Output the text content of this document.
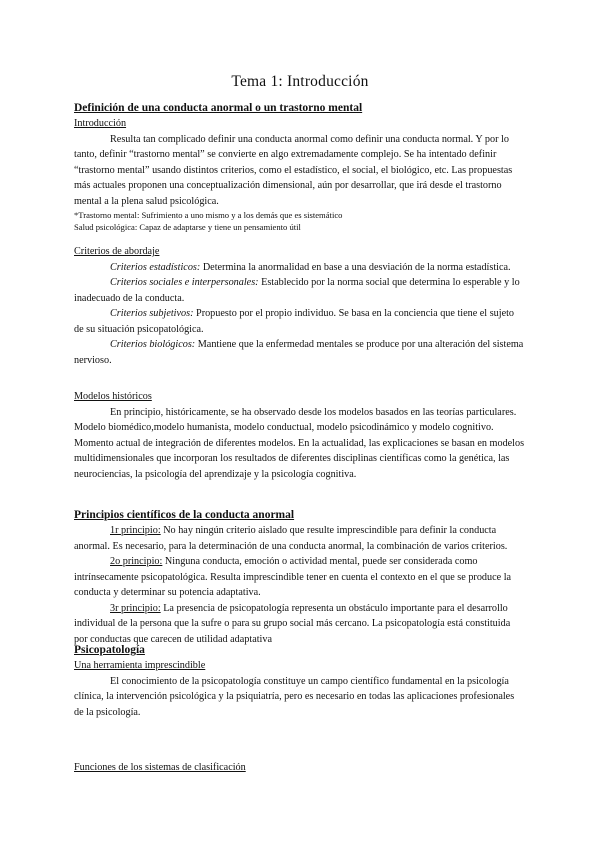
Tema 1: Introducción

Definición de una conducta anormal o un trastorno mental

Introducción

Resulta tan complicado definir una conducta anormal como definir una conducta normal. Y por lo tanto, definir “trastorno mental” se convierte en algo extremadamente complejo. Se ha intentado definir “trastorno mental” usando distintos criterios, como el estadístico, el social, el biológico, etc. Las propuestas más actuales proponen una conceptualización dimensional, aún por desarrollar, que irá desde el trastorno mental a la plena salud psicológica.

*Trastorno mental: Sufrimiento a uno mismo y a los demás que es sistemático

Salud psicológica: Capaz de adaptarse y tiene un pensamiento útil

Criterios de abordaje

Criterios estadísticos: Determina la anormalidad en base a una desviación de la norma estadística.

Criterios sociales e interpersonales: Establecido por la norma social que determina lo esperable y lo inadecuado de la conducta.

Criterios subjetivos: Propuesto por el propio individuo. Se basa en la conciencia que tiene el sujeto de su situación psicopatológica.

Criterios biológicos: Mantiene que la enfermedad mentales se produce por una alteración del sistema nervioso.

Modelos históricos

En principio, históricamente, se ha observado desde los modelos basados en las teorías particulares. Modelo biomédico,modelo humanista, modelo conductual, modelo psicodinámico y modelo cognitivo. Momento actual de integración de diferentes modelos. En la actualidad, las explicaciones se basan en modelos multidimensionales que incorporan los resultados de diferentes disciplinas científicas como la genética, las neurociencias, la psicología del aprendizaje y la psicología cognitiva.

Principios científicos de la conducta anormal

1r principio: No hay ningún criterio aislado que resulte imprescindible para definir la conducta anormal. Es necesario, para la determinación de una conducta anormal, la combinación de varios criterios.

2o principio: Ninguna conducta, emoción o actividad mental, puede ser considerada como intrínsecamente psicopatológica. Resulta imprescindible tener en cuenta el contexto en el que se produce la conducta y determinar su potencia adaptativa.

3r principio: La presencia de psicopatología representa un obstáculo importante para el desarrollo individual de la persona que la sufre o para su grupo social más cercano. La psicopatología está constituida por conductas que carecen de utilidad adaptativa

Psicopatología

Una herramienta imprescindible

El conocimiento de la psicopatología constituye un campo científico fundamental en la psicología clínica, la intervención psicológica y la psiquiatría, pero es necesario en todas las aplicaciones profesionales de la psicología.

Funciones de los sistemas de clasificación
